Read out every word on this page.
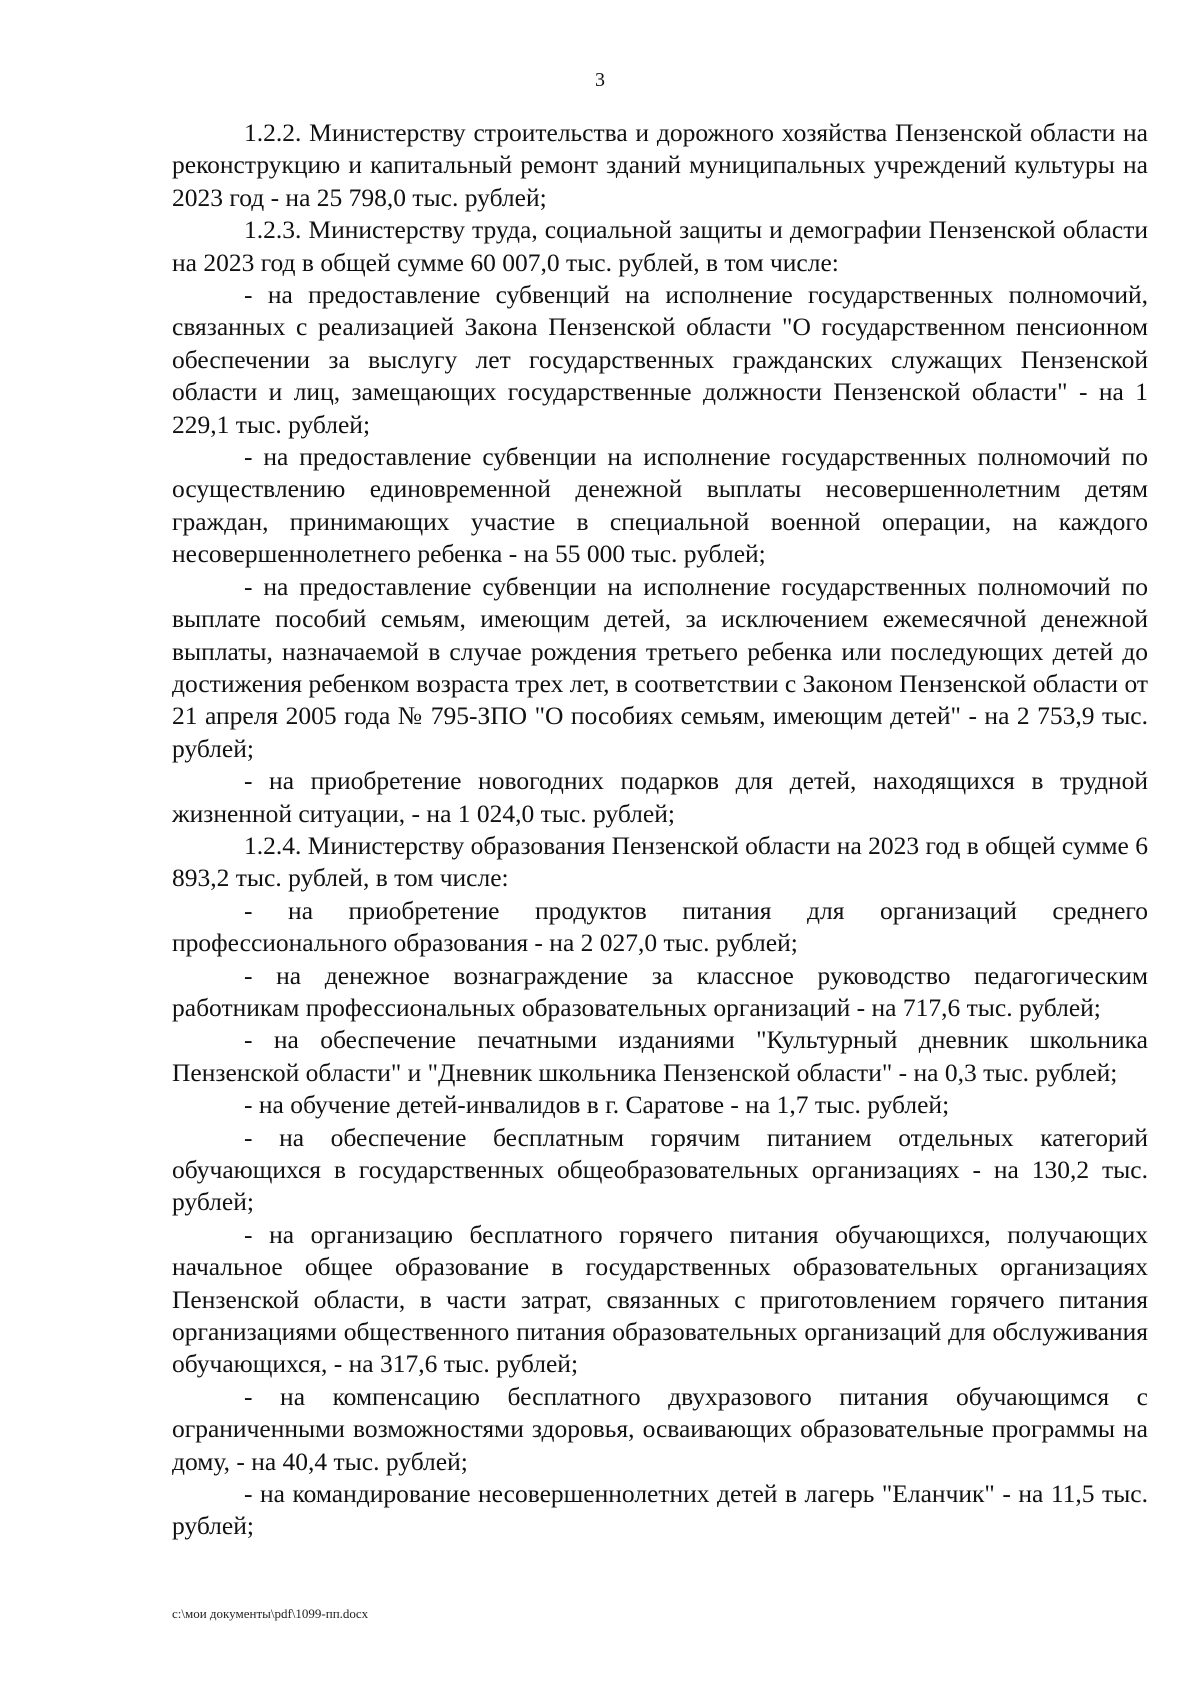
3

1.2.2. Министерству строительства и дорожного хозяйства Пензенской области на реконструкцию и капитальный ремонт зданий муниципальных учреждений культуры на 2023 год - на 25 798,0 тыс. рублей;

1.2.3. Министерству труда, социальной защиты и демографии Пензенской области на 2023 год в общей сумме 60 007,0 тыс. рублей, в том числе:

- на предоставление субвенций на исполнение государственных полномочий, связанных с реализацией Закона Пензенской области "О государственном пенсионном обеспечении за выслугу лет государственных гражданских служащих Пензенской области и лиц, замещающих государственные должности Пензенской области" - на 1 229,1 тыс. рублей;

- на предоставление субвенции на исполнение государственных полномочий по осуществлению единовременной денежной выплаты несовершеннолетним детям граждан, принимающих участие в специальной военной операции, на каждого несовершеннолетнего ребенка - на 55 000 тыс. рублей;

- на предоставление субвенции на исполнение государственных полномочий по выплате пособий семьям, имеющим детей, за исключением ежемесячной денежной выплаты, назначаемой в случае рождения третьего ребенка или последующих детей до достижения ребенком возраста трех лет, в соответствии с Законом Пензенской области от 21 апреля 2005 года № 795-ЗПО "О пособиях семьям, имеющим детей" - на 2 753,9 тыс. рублей;

- на приобретение новогодних подарков для детей, находящихся в трудной жизненной ситуации, - на 1 024,0 тыс. рублей;

1.2.4. Министерству образования Пензенской области на 2023 год в общей сумме 6 893,2 тыс. рублей, в том числе:

- на приобретение продуктов питания для организаций среднего профессионального образования - на 2 027,0 тыс. рублей;

- на денежное вознаграждение за классное руководство педагогическим работникам профессиональных образовательных организаций - на 717,6 тыс. рублей;

- на обеспечение печатными изданиями "Культурный дневник школьника Пензенской области" и "Дневник школьника Пензенской области" - на 0,3 тыс. рублей;

- на обучение детей-инвалидов в г. Саратове - на 1,7 тыс. рублей;

- на обеспечение бесплатным горячим питанием отдельных категорий обучающихся в государственных общеобразовательных организациях - на 130,2 тыс. рублей;

- на организацию бесплатного горячего питания обучающихся, получающих начальное общее образование в государственных образовательных организациях Пензенской области, в части затрат, связанных с приготовлением горячего питания организациями общественного питания образовательных организаций для обслуживания обучающихся, - на 317,6 тыс. рублей;

- на компенсацию бесплатного двухразового питания обучающимся с ограниченными возможностями здоровья, осваивающих образовательные программы на дому, - на 40,4 тыс. рублей;

- на командирование несовершеннолетних детей в лагерь "Еланчик" - на 11,5 тыс. рублей;

c:\мои документы\pdf\1099-пп.docx
